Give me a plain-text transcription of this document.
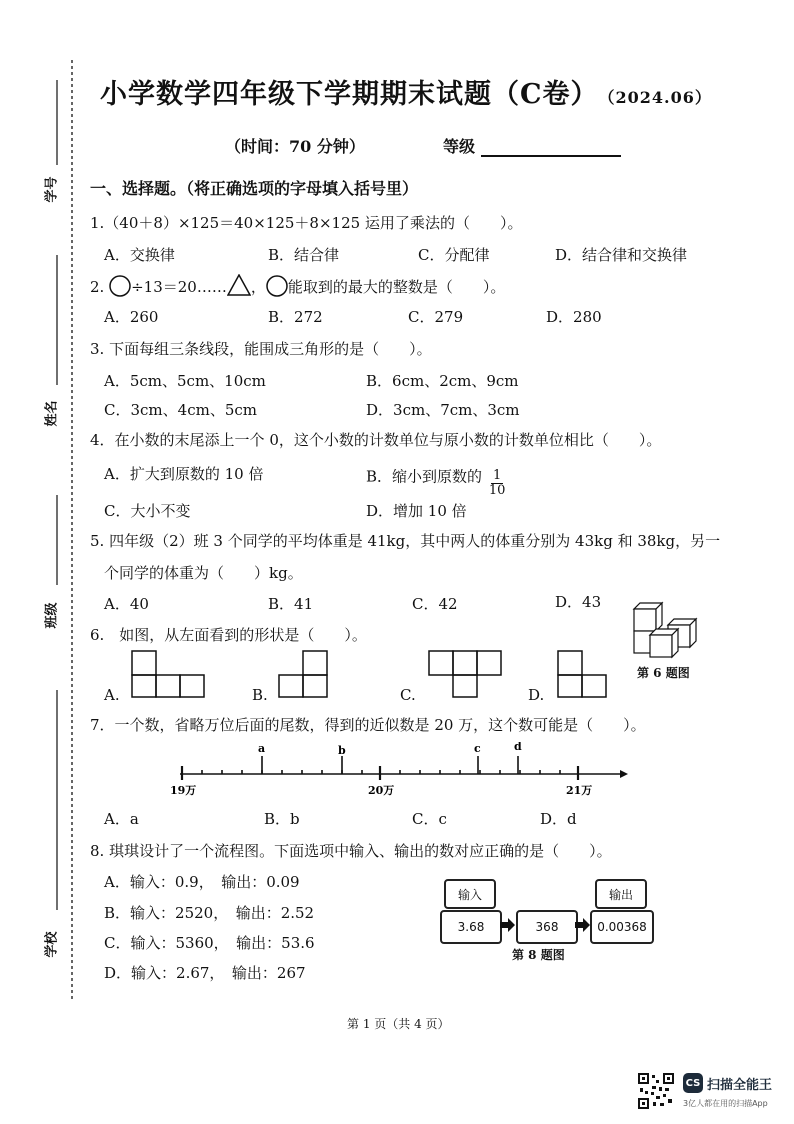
学号
姓名
班级
学校
小学数学四年级下学期期末试题（C卷） （2024.06）
（时间：70 分钟）	等级
一、选择题。（将正确选项的字母填入括号里）
1.（40＋8）×125＝40×125＋8×125 运用了乘法的（　　）。
A．交换律	B．结合律	C．分配律	D．结合律和交换律
2. ÷13＝20…… ， 能取到的最大的整数是（　　）。
A．260	B．272	C．279	D．280
3. 下面每组三条线段，能围成三角形的是（　　）。
A．5cm、5cm、10cm	B．6cm、2cm、9cm
C．3cm、4cm、5cm	D．3cm、7cm、3cm
4．在小数的末尾添上一个 0，这个小数的计数单位与原小数的计数单位相比（　　）。
A．扩大到原数的 10 倍	B．缩小到原数的 $\frac{1}{10}$
C．大小不变	D．增加 10 倍
5. 四年级（2）班 3 个同学的平均体重是 41kg，其中两人的体重分别为 43kg 和 38kg，另一
个同学的体重为（　　）kg。
A．40	B．41	C．42	D．43
6.　如图，从左面看到的形状是（　　）。
A.	B.	C.	D.
第 6 题图
7．一个数，省略万位后面的尾数，得到的近似数是 20 万，这个数可能是（　　）。
a	b	c	d
19万	20万	21万
A．a	B．b	C．c	D．d
8. 琪琪设计了一个流程图。下面选项中输入、输出的数对应正确的是（　　）。
A．输入：0.9，　输出：0.09
B．输入：2520，　输出：2.52
C．输入：5360，　输出：53.6
D．输入：2.67，　输出：267
输入	输出
3.68	368	0.00368
第 8 题图
第 1 页（共 4 页）
CS 扫描全能王
3亿人都在用的扫描App
